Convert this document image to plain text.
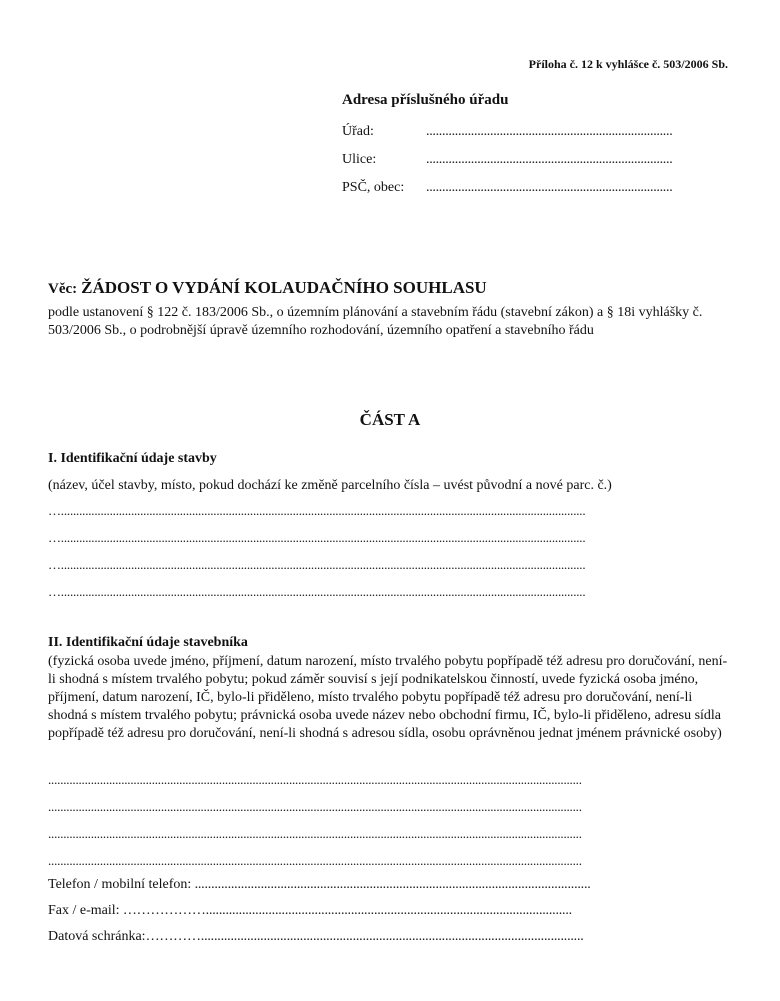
Příloha č. 12 k vyhlášce č. 503/2006 Sb.
Adresa příslušného úřadu
Úřad:	.............................................................................
Ulice:	.............................................................................
PSČ, obec: .............................................................................
Věc: ŽÁDOST O VYDÁNÍ KOLAUDAČNÍHO SOUHLASU
podle ustanovení § 122 č. 183/2006 Sb., o územním plánování a stavebním řádu (stavební zákon) a § 18i vyhlášky č. 503/2006 Sb., o podrobnější úpravě územního rozhodování, územního opatření a stavebního řádu
ČÁST A
I. Identifikační údaje stavby
(název, účel stavby, místo, pokud dochází ke změně parcelního čísla – uvést původní a nové parc. č.)
…............................................................................................................................................................................
…............................................................................................................................................................................
…............................................................................................................................................................................
…............................................................................................................................................................................
II. Identifikační údaje stavebníka
(fyzická osoba uvede jméno, příjmení, datum narození, místo trvalého pobytu popřípadě též adresu pro doručování, není-li shodná s místem trvalého pobytu; pokud záměr souvisí s její podnikatelskou činností, uvede fyzická osoba jméno, příjmení, datum narození, IČ, bylo-li přiděleno, místo trvalého pobytu popřípadě též adresu pro doručování, není-li shodná s místem trvalého pobytu; právnická osoba uvede název nebo obchodní firmu, IČ, bylo-li přiděleno, adresu sídla popřípadě též adresu pro doručování, není-li shodná s adresou sídla, osobu oprávněnou jednat jménem právnické osoby)
...............................................................................................................................................................................
...............................................................................................................................................................................
...............................................................................................................................................................................
...............................................................................................................................................................................
Telefon / mobilní telefon: ........................................................................................................................
Fax / e-mail: ………………...............................................................................................................
Datová schránka:…………....................................................................................................................
